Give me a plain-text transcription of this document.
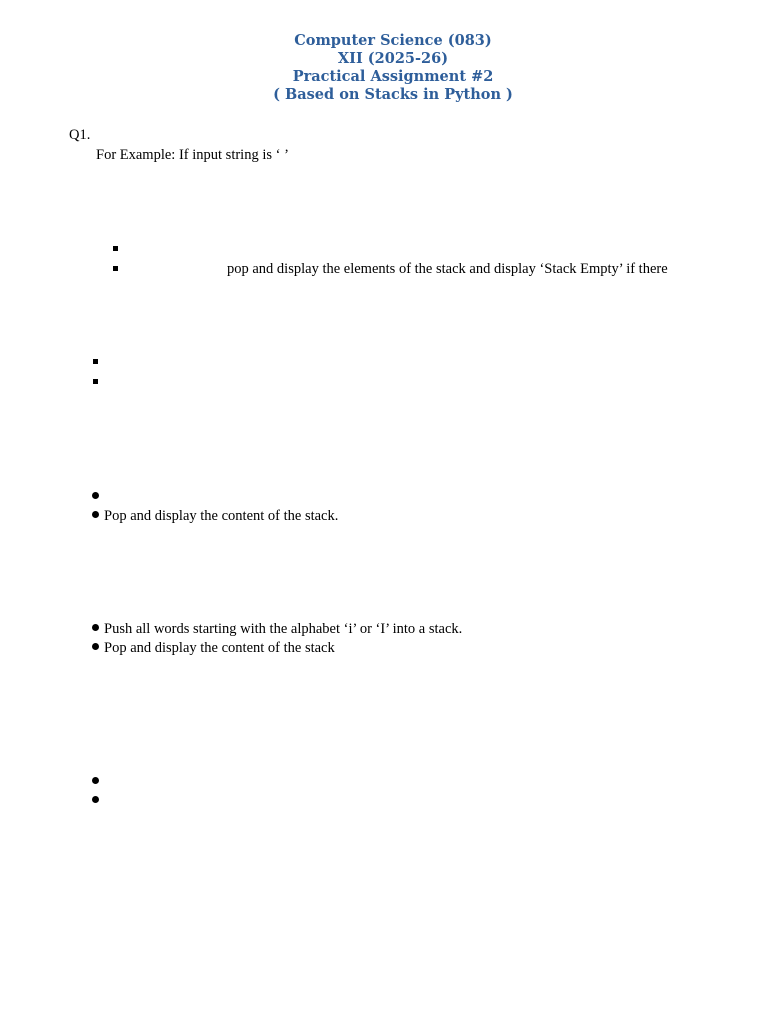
Computer Science (083)
XII (2025-26)
Practical Assignment #2
( Based on Stacks in Python )
Q1.
For Example: If input string is ‘ ’
pop and display the elements of the stack and display ‘Stack Empty’ if there
Pop and display the content of the stack.
Push all words starting with the alphabet ‘i’ or ‘I’ into a stack.
Pop and display the content of the stack
